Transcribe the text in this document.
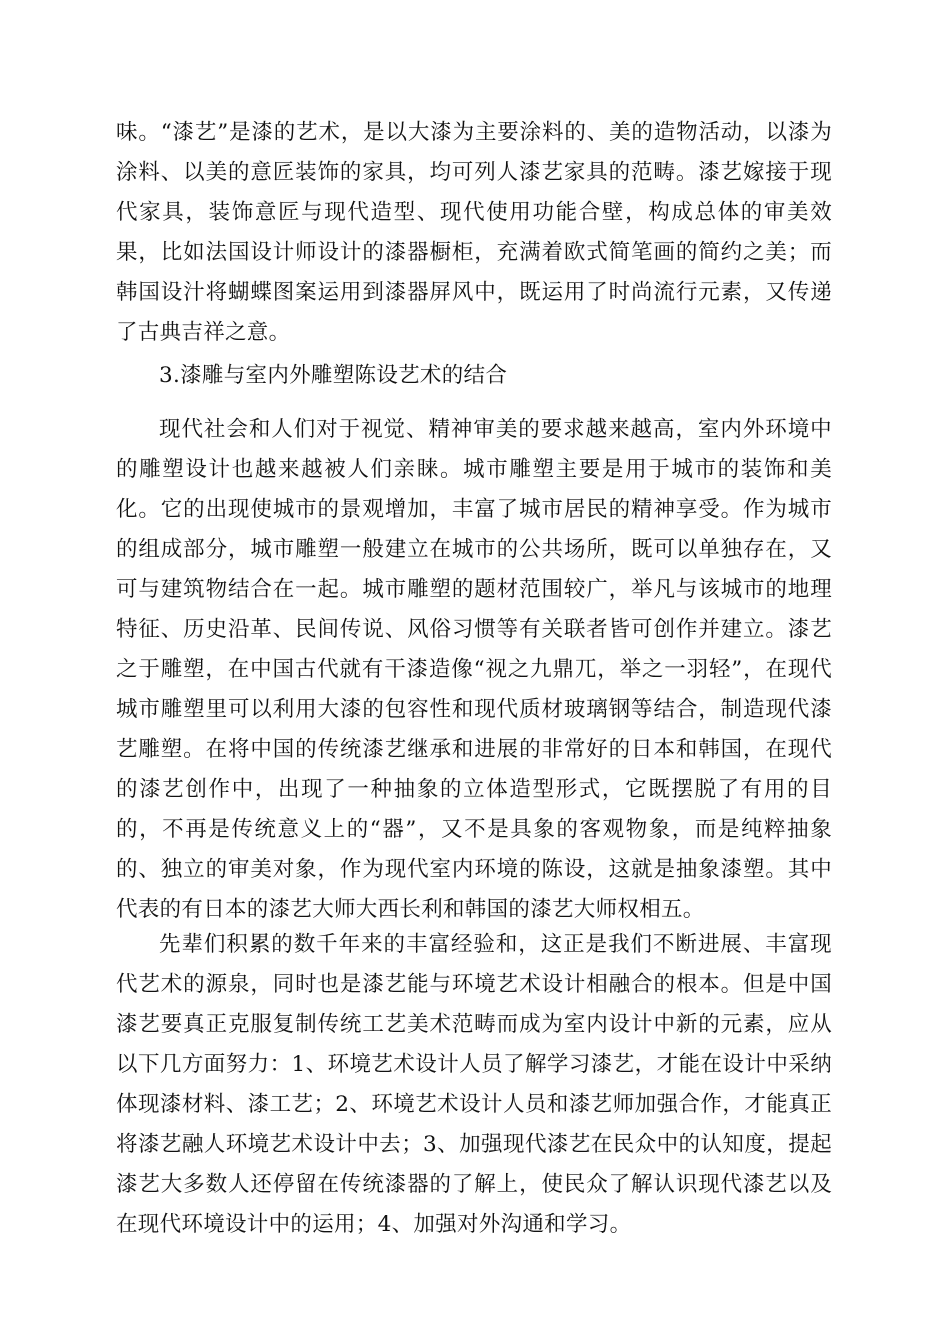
味。“漆艺”是漆的艺术，是以大漆为主要涂料的、美的造物活动，以漆为涂料、以美的意匠装饰的家具，均可列人漆艺家具的范畴。漆艺嫁接于现代家具，装饰意匠与现代造型、现代使用功能合壁，构成总体的审美效果，比如法国设计师设计的漆器橱柜，充满着欧式简笔画的简约之美；而韩国设汁将蝴蝶图案运用到漆器屏风中，既运用了时尚流行元素，又传递了古典吉祥之意。

3.漆雕与室内外雕塑陈设艺术的结合

现代社会和人们对于视觉、精神审美的要求越来越高，室内外环境中的雕塑设计也越来越被人们亲睐。城市雕塑主要是用于城市的装饰和美化。它的出现使城市的景观增加，丰富了城市居民的精神享受。作为城市的组成部分，城市雕塑一般建立在城市的公共场所，既可以单独存在，又可与建筑物结合在一起。城市雕塑的题材范围较广，举凡与该城市的地理特征、历史沿革、民间传说、风俗习惯等有关联者皆可创作并建立。漆艺之于雕塑，在中国古代就有干漆造像“视之九鼎兀，举之一羽轻”，在现代城市雕塑里可以利用大漆的包容性和现代质材玻璃钢等结合，制造现代漆艺雕塑。在将中国的传统漆艺继承和进展的非常好的日本和韩国，在现代的漆艺创作中，出现了一种抽象的立体造型形式，它既摆脱了有用的目的，不再是传统意义上的“器”，又不是具象的客观物象，而是纯粹抽象的、独立的审美对象，作为现代室内环境的陈设，这就是抽象漆塑。其中代表的有日本的漆艺大师大西长利和韩国的漆艺大师权相五。

先辈们积累的数千年来的丰富经验和，这正是我们不断进展、丰富现代艺术的源泉，同时也是漆艺能与环境艺术设计相融合的根本。但是中国漆艺要真正克服复制传统工艺美术范畴而成为室内设计中新的元素，应从以下几方面努力：1、环境艺术设计人员了解学习漆艺，才能在设计中采纳体现漆材料、漆工艺；2、环境艺术设计人员和漆艺师加强合作，才能真正将漆艺融人环境艺术设计中去；3、加强现代漆艺在民众中的认知度，提起漆艺大多数人还停留在传统漆器的了解上，使民众了解认识现代漆艺以及在现代环境设计中的运用；4、加强对外沟通和学习。
